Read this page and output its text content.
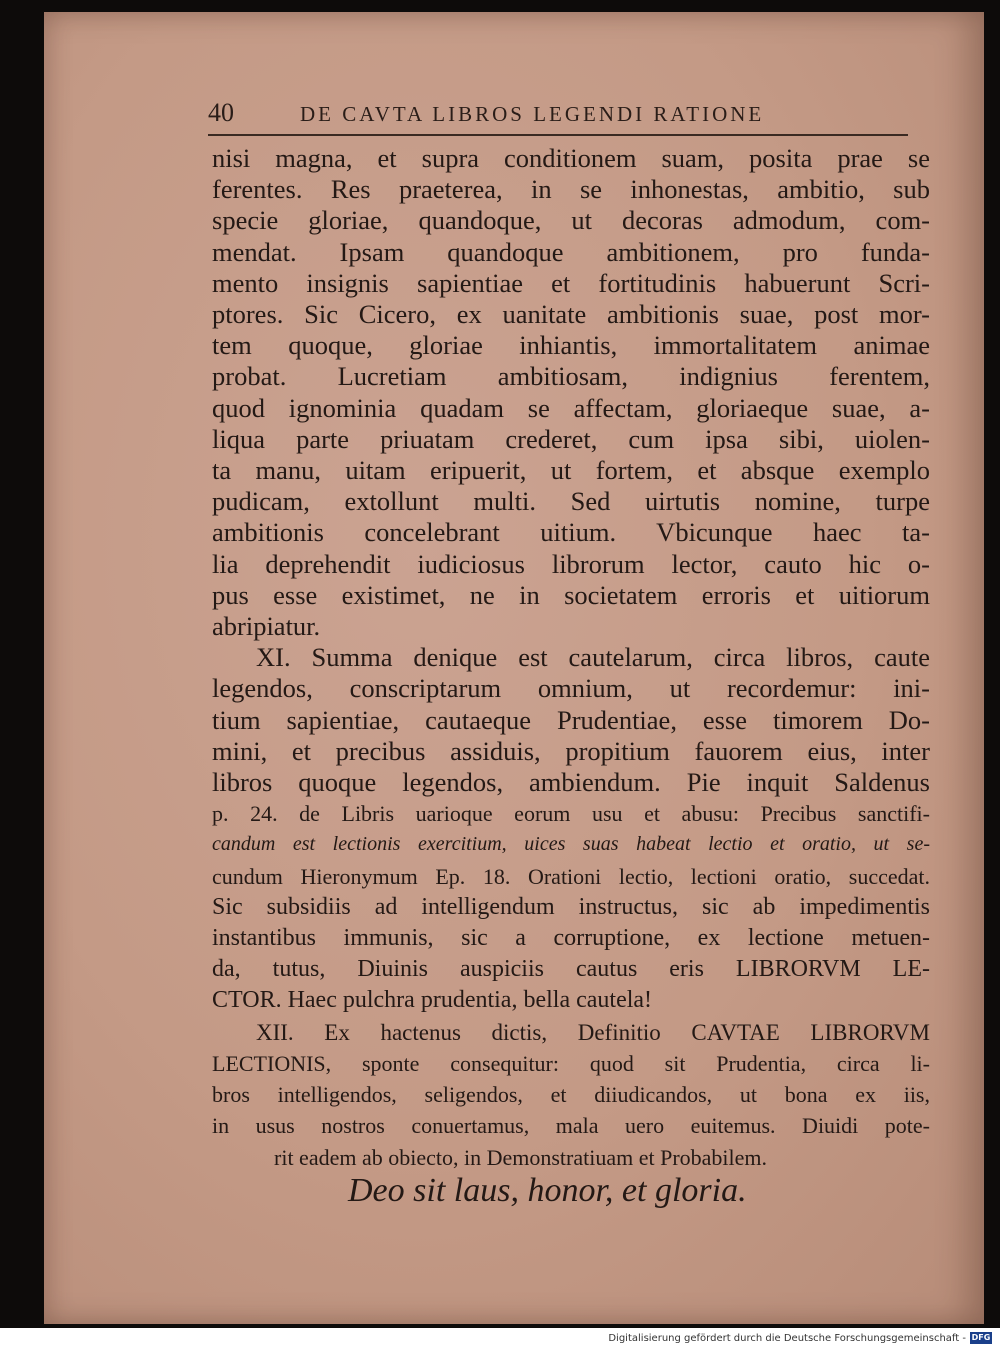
40	DE CAVTA LIBROS LEGENDI RATIONE
nisi magna, et supra conditionem suam, posita prae se
ferentes. Res praeterea, in se inhonestas, ambitio, sub
specie gloriae, quandoque, ut decoras admodum, com-
mendat. Ipsam quandoque ambitionem, pro funda-
mento insignis sapientiae et fortitudinis habuerunt Scri-
ptores. Sic Cicero, ex uanitate ambitionis suae, post mor-
tem quoque, gloriae inhiantis, immortalitatem animae
probat. Lucretiam ambitiosam, indignius ferentem,
quod ignominia quadam se affectam, gloriaeque suae, a-
liqua parte priuatam crederet, cum ipsa sibi, uiolen-
ta manu, uitam eripuerit, ut fortem, et absque exemplo
pudicam, extollunt multi. Sed uirtutis nomine, turpe
ambitionis concelebrant uitium. Vbicunque haec ta-
lia deprehendit iudiciosus librorum lector, cauto hic o-
pus esse existimet, ne in societatem erroris et uitiorum
abripiatur.
XI. Summa denique est cautelarum, circa libros, caute
legendos, conscriptarum omnium, ut recordemur: ini-
tium sapientiae, cautaeque Prudentiae, esse timorem Do-
mini, et precibus assiduis, propitium fauorem eius, inter
libros quoque legendos, ambiendum. Pie inquit Saldenus
p. 24. de Libris uarioque eorum usu et abusu: Precibus sanctifi-
candum est lectionis exercitium, uices suas habeat lectio et oratio, ut se-
cundum Hieronymum Ep. 18. Orationi lectio, lectioni oratio, succedat.
Sic subsidiis ad intelligendum instructus, sic ab impedimentis
instantibus immunis, sic a corruptione, ex lectione metuen-
da, tutus, Diuinis auspiciis cautus eris LIBRORVM LE-
CTOR. Haec pulchra prudentia, bella cautela!
XII. Ex hactenus dictis, Definitio CAVTAE LIBRORVM
LECTIONIS, sponte consequitur: quod sit Prudentia, circa li-
bros intelligendos, seligendos, et diiudicandos, ut bona ex iis,
in usus nostros conuertamus, mala uero euitemus. Diuidi pote-
rit eadem ab obiecto, in Demonstratiuam et Probabilem.
Deo sit laus, honor, et gloria.
Digitalisierung gefördert durch die Deutsche Forschungsgemeinschaft - DFG
